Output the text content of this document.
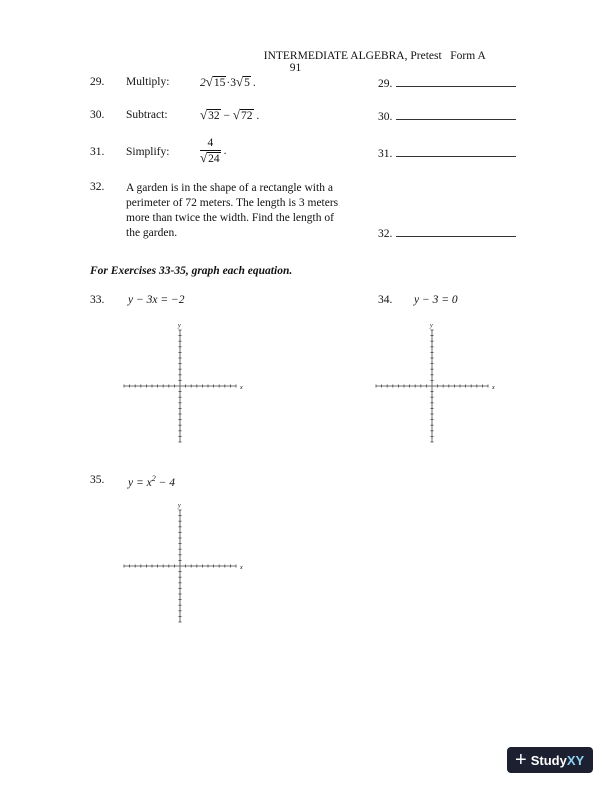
INTERMEDIATE ALGEBRA, Pretest   Form A
91

29. Multiply:	2√15·3√5 .	29.
30. Subtract: √32 − √72 .	30.
31. Simplify:	$\frac{4}{√24}$ .	31.
32. A garden is in the shape of a rectangle with a perimeter of 72 meters. The length is 3 meters more than twice the width. Find the length of the garden.	32.
For Exercises 33-35, graph each equation.
33. y − 3x = −2
x
y
34. y − 3 = 0
x
y
35. $y = x^2 - 4$
x
y
+ Study XY
